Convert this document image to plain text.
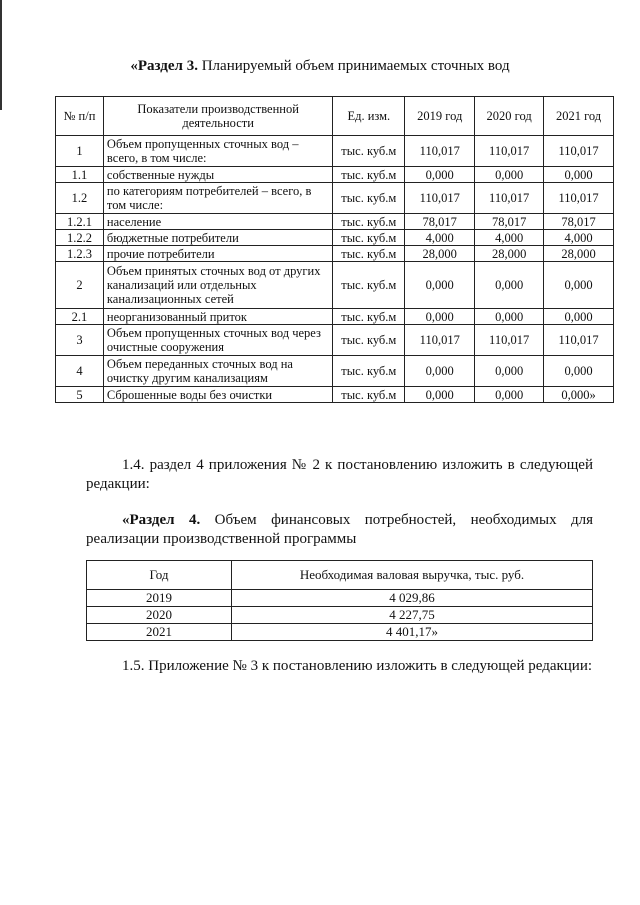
«Раздел 3. Планируемый объем принимаемых сточных вод
№ п/п	Показатели производственной деятельности	Ед. изм.	2019 год	2020 год	2021 год
1	Объем пропущенных сточных вод – всего, в том числе:	тыс. куб.м	110,017	110,017	110,017
1.1	собственные нужды	тыс. куб.м	0,000	0,000	0,000
1.2	по категориям потребителей – всего, в том числе:	тыс. куб.м	110,017	110,017	110,017
1.2.1	население	тыс. куб.м	78,017	78,017	78,017
1.2.2	бюджетные потребители	тыс. куб.м	4,000	4,000	4,000
1.2.3	прочие потребители	тыс. куб.м	28,000	28,000	28,000
2	Объем принятых сточных вод от других канализаций или отдельных канализационных сетей	тыс. куб.м	0,000	0,000	0,000
2.1	неорганизованный приток	тыс. куб.м	0,000	0,000	0,000
3	Объем пропущенных сточных вод через очистные сооружения	тыс. куб.м	110,017	110,017	110,017
4	Объем переданных сточных вод на очистку другим канализациям	тыс. куб.м	0,000	0,000	0,000
5	Сброшенные воды без очистки	тыс. куб.м	0,000	0,000	0,000»
1.4. раздел 4 приложения № 2 к постановлению изложить в следующей редакции:
«Раздел 4. Объем финансовых потребностей, необходимых для реализации производственной программы
Год	Необходимая валовая выручка, тыс. руб.
2019	4 029,86
2020	4 227,75
2021	4 401,17»
1.5. Приложение № 3 к постановлению изложить в следующей редакции:
